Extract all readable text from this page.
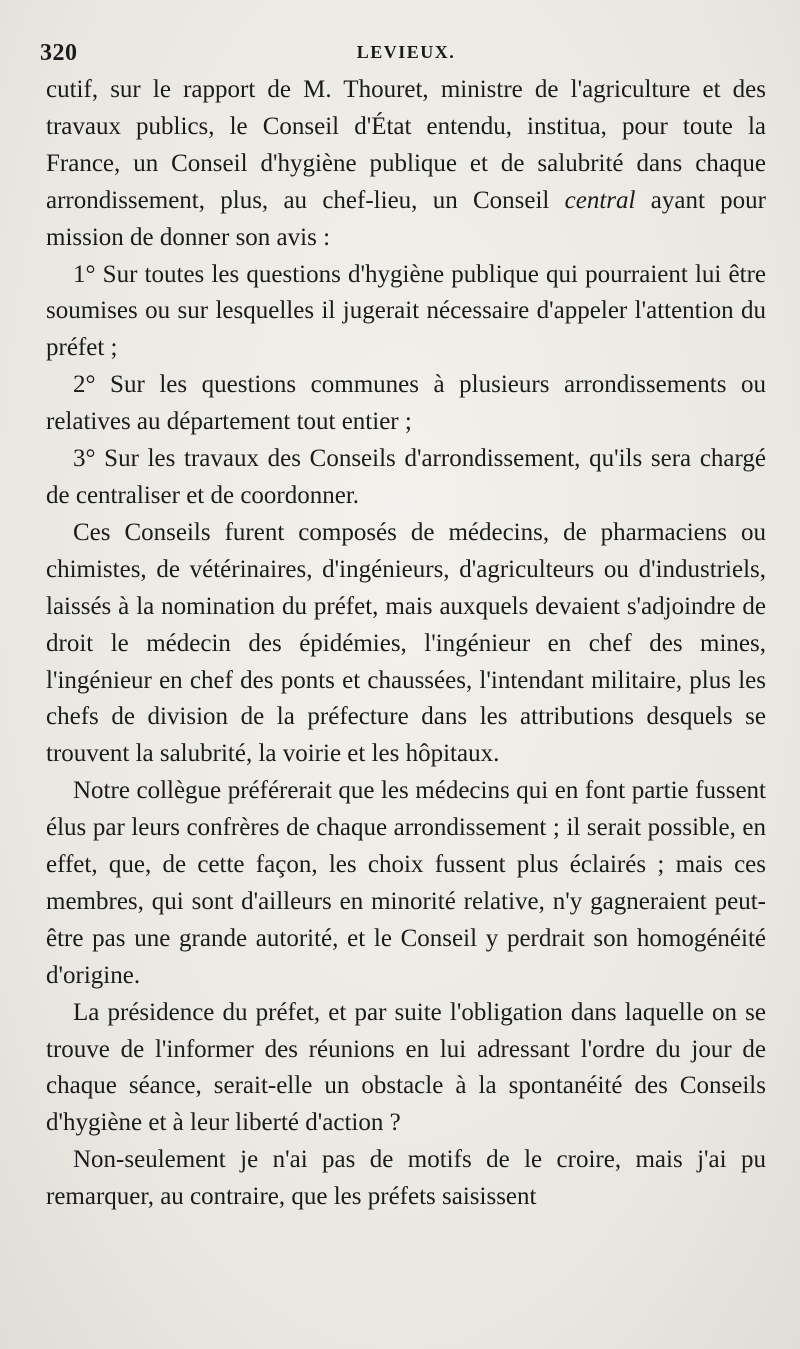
320	LEVIEUX.

cutif, sur le rapport de M. Thouret, ministre de l'agriculture et des travaux publics, le Conseil d'État entendu, institua, pour toute la France, un Conseil d'hygiène publique et de salubrité dans chaque arrondissement, plus, au chef-lieu, un Conseil central ayant pour mission de donner son avis :

1° Sur toutes les questions d'hygiène publique qui pourraient lui être soumises ou sur lesquelles il jugerait nécessaire d'appeler l'attention du préfet ;

2° Sur les questions communes à plusieurs arrondissements ou relatives au département tout entier ;

3° Sur les travaux des Conseils d'arrondissement, qu'ils sera chargé de centraliser et de coordonner.

Ces Conseils furent composés de médecins, de pharmaciens ou chimistes, de vétérinaires, d'ingénieurs, d'agriculteurs ou d'industriels, laissés à la nomination du préfet, mais auxquels devaient s'adjoindre de droit le médecin des épidémies, l'ingénieur en chef des mines, l'ingénieur en chef des ponts et chaussées, l'intendant militaire, plus les chefs de division de la préfecture dans les attributions desquels se trouvent la salubrité, la voirie et les hôpitaux.

Notre collègue préférerait que les médecins qui en font partie fussent élus par leurs confrères de chaque arrondissement ; il serait possible, en effet, que, de cette façon, les choix fussent plus éclairés ; mais ces membres, qui sont d'ailleurs en minorité relative, n'y gagneraient peut-être pas une grande autorité, et le Conseil y perdrait son homogénéité d'origine.

La présidence du préfet, et par suite l'obligation dans laquelle on se trouve de l'informer des réunions en lui adressant l'ordre du jour de chaque séance, serait-elle un obstacle à la spontanéité des Conseils d'hygiène et à leur liberté d'action ?

Non-seulement je n'ai pas de motifs de le croire, mais j'ai pu remarquer, au contraire, que les préfets saisissent
